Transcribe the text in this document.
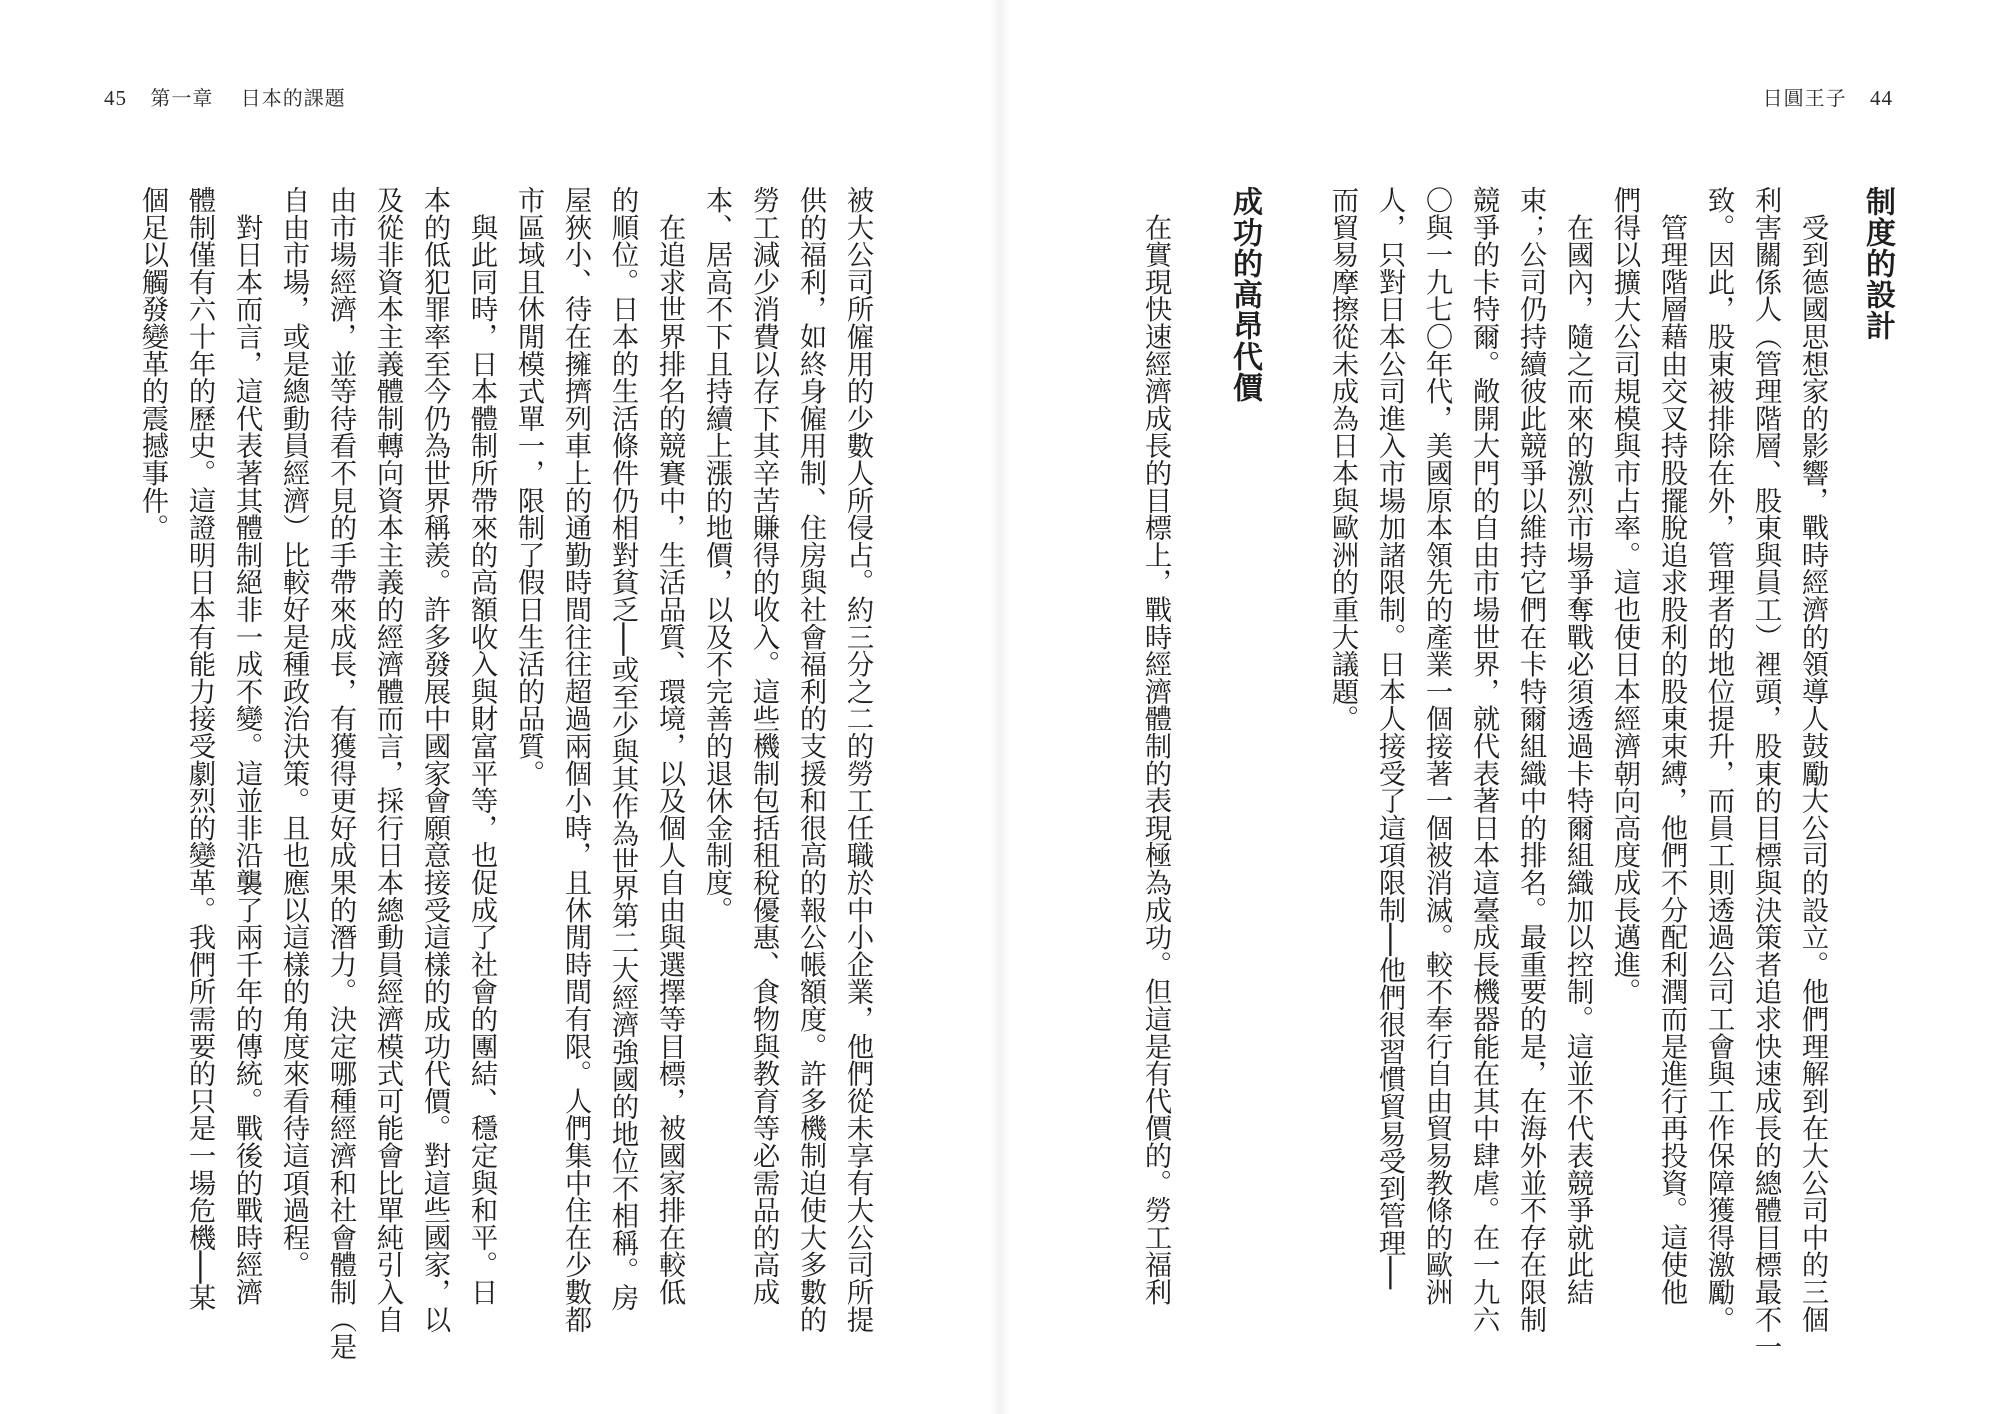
45 第一章 日本的課題	日圓王子 44
制度的設計
　受到德國思想家的影響，戰時經濟的領導人鼓勵大公司的設立。他們理解到在大公司中的三個
利害關係人（管理階層、股東與員工）裡頭，股東的目標與決策者追求快速成長的總體目標最不一
致。因此，股東被排除在外，管理者的地位提升，而員工則透過公司工會與工作保障獲得激勵。
　管理階層藉由交叉持股擺脫追求股利的股東束縛，他們不分配利潤而是進行再投資。這使他
們得以擴大公司規模與市占率。這也使日本經濟朝向高度成長邁進。
　在國內，隨之而來的激烈市場爭奪戰必須透過卡特爾組織加以控制。這並不代表競爭就此結
束；公司仍持續彼此競爭以維持它們在卡特爾組織中的排名。最重要的是，在海外並不存在限制
競爭的卡特爾。敞開大門的自由市場世界，就代表著日本這臺成長機器能在其中肆虐。在一九六
〇與一九七〇年代，美國原本領先的產業一個接著一個被消滅。較不奉行自由貿易教條的歐洲
人，只對日本公司進入市場加諸限制。日本人接受了這項限制──他們很習慣貿易受到管理──
而貿易摩擦從未成為日本與歐洲的重大議題。
成功的高昂代價
　在實現快速經濟成長的目標上，戰時經濟體制的表現極為成功。但這是有代價的。勞工福利
被大公司所僱用的少數人所侵占。約三分之二的勞工任職於中小企業，他們從未享有大公司所提
供的福利，如終身僱用制、住房與社會福利的支援和很高的報公帳額度。許多機制迫使大多數的
勞工減少消費以存下其辛苦賺得的收入。這些機制包括租稅優惠、食物與教育等必需品的高成
本、居高不下且持續上漲的地價，以及不完善的退休金制度。
　在追求世界排名的競賽中，生活品質、環境，以及個人自由與選擇等目標，被國家排在較低
的順位。日本的生活條件仍相對貧乏──或至少與其作為世界第二大經濟強國的地位不相稱。房
屋狹小、待在擁擠列車上的通勤時間往往超過兩個小時，且休閒時間有限。人們集中住在少數都
市區域且休閒模式單一，限制了假日生活的品質。
　與此同時，日本體制所帶來的高額收入與財富平等，也促成了社會的團結、穩定與和平。日
本的低犯罪率至今仍為世界稱羨。許多發展中國家會願意接受這樣的成功代價。對這些國家，以
及從非資本主義體制轉向資本主義的經濟體而言，採行日本總動員經濟模式可能會比單純引入自
由市場經濟，並等待看不見的手帶來成長，有獲得更好成果的潛力。決定哪種經濟和社會體制（是
自由市場，或是總動員經濟）比較好是種政治決策。且也應以這樣的角度來看待這項過程。
　對日本而言，這代表著其體制絕非一成不變。這並非沿襲了兩千年的傳統。戰後的戰時經濟
體制僅有六十年的歷史。這證明日本有能力接受劇烈的變革。我們所需要的只是一場危機──某
個足以觸發變革的震撼事件。
